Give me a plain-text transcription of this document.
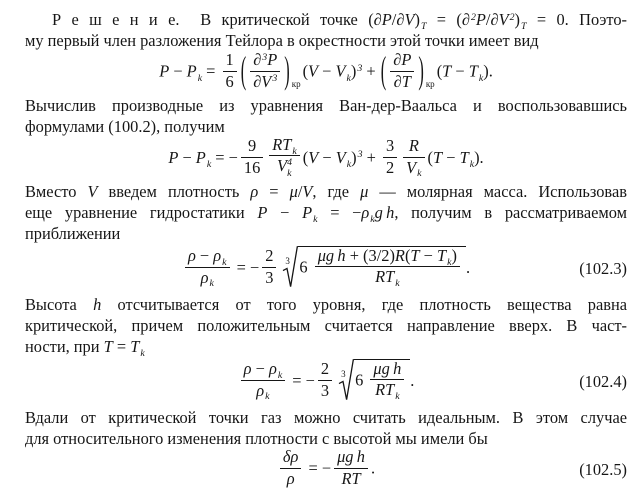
Р е ш е н и е.  В критической точке $(\partial P/\partial V)_T = (\partial^2P/\partial V^2)_T = 0$. Поэто-
му первый член разложения Тейлора в окрестности этой точки имеет вид
$P - P_k = \frac{1}{6}$ ( $\frac{\partial^3P}{\partial V^3}$ ) $_{кр}(V - V_k)^3$ + ( $\frac{\partial P}{\partial T}$ ) $_{кр}(T - T_k)$.
Вычислив производные из уравнения Ван-дер-Ваальса и воспользовавшись
формулами (100.2), получим
$P - P_k$ = − $\frac{9}{16} RT_k$
V 4
k
$(V - V_k)^3 + \frac{3}{2} \frac{R}{V_k} (T - T_k)$.
Вместо V введем плотность ρ = μ/V, где μ — молярная масса. Использовав
еще уравнение гидростатики $P - P_k = -\rho_kg$ h, получим в рассматриваемом
приближении
$\frac{\rho - \rho_k}{\rho_k}$ = − $\frac{2}{3} 3$ 6
μg $h + (3/2)R(T - T_k)$
$RT_k$
.	(102.3)
Высота h отсчитывается от того уровня, где плотность вещества равна
критической, причем положительным считается направление вверх. В част-
ности, при $T = T_k$
$\frac{\rho - \rho_k}{\rho_k}$ = − $\frac{2}{3} 3$ 6
μg h
$RT_k$
.	(102.4)
Вдали от критической точки газ можно считать идеальным. В этом случае
для относительного изменения плотности с высотой мы имели бы
$\frac{\delta\rho}{\rho}$ = − $\frac{\text{μg h}}{RT}$ .	(102.5)
